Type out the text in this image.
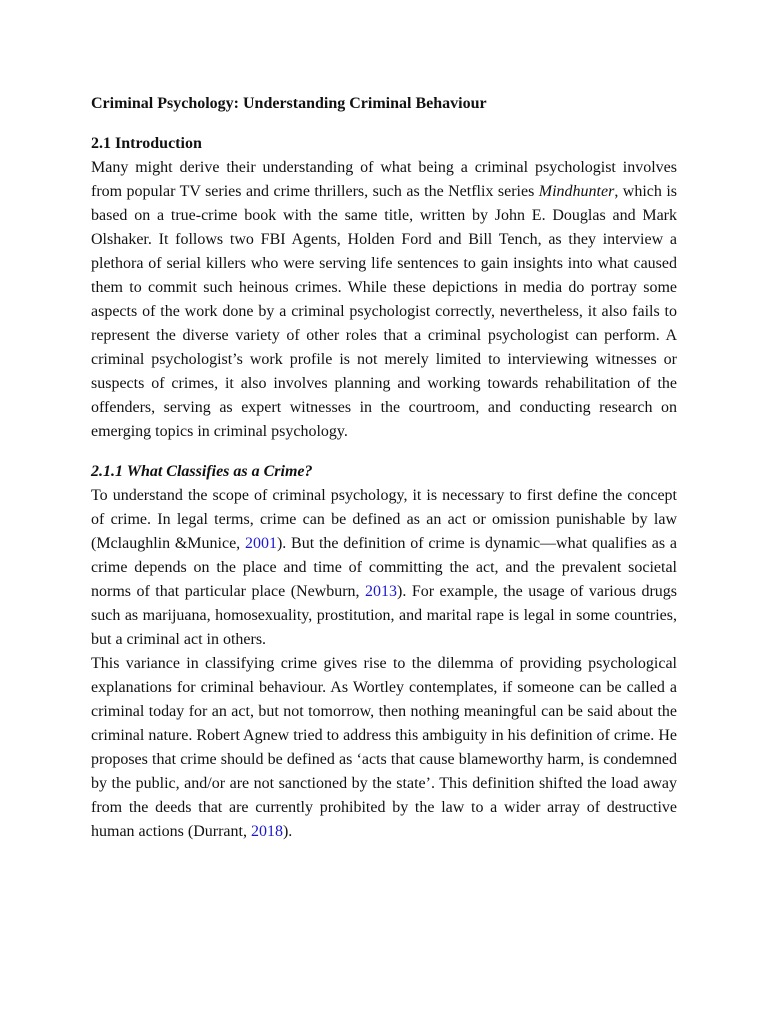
Criminal Psychology: Understanding Criminal Behaviour
2.1 Introduction

Many might derive their understanding of what being a criminal psychologist involves from popular TV series and crime thrillers, such as the Netflix series Mindhunter, which is based on a true-crime book with the same title, written by John E. Douglas and Mark Olshaker. It follows two FBI Agents, Holden Ford and Bill Tench, as they interview a plethora of serial killers who were serving life sentences to gain insights into what caused them to commit such heinous crimes. While these depictions in media do portray some aspects of the work done by a criminal psychologist correctly, nevertheless, it also fails to represent the diverse variety of other roles that a criminal psychologist can perform. A criminal psychologist’s work profile is not merely limited to interviewing witnesses or suspects of crimes, it also involves planning and working towards rehabilitation of the offenders, serving as expert witnesses in the courtroom, and conducting research on emerging topics in criminal psychology.

2.1.1 What Classifies as a Crime?

To understand the scope of criminal psychology, it is necessary to first define the concept of crime. In legal terms, crime can be defined as an act or omission punishable by law (Mclaughlin &Munice, 2001). But the definition of crime is dynamic—what qualifies as a crime depends on the place and time of committing the act, and the prevalent societal norms of that particular place (Newburn, 2013). For example, the usage of various drugs such as marijuana, homosexuality, prostitution, and marital rape is legal in some countries, but a criminal act in others.

This variance in classifying crime gives rise to the dilemma of providing psychological explanations for criminal behaviour. As Wortley contemplates, if someone can be called a criminal today for an act, but not tomorrow, then nothing meaningful can be said about the criminal nature. Robert Agnew tried to address this ambiguity in his definition of crime. He proposes that crime should be defined as ‘acts that cause blameworthy harm, is condemned by the public, and/or are not sanctioned by the state’. This definition shifted the load away from the deeds that are currently prohibited by the law to a wider array of destructive human actions (Durrant, 2018).
